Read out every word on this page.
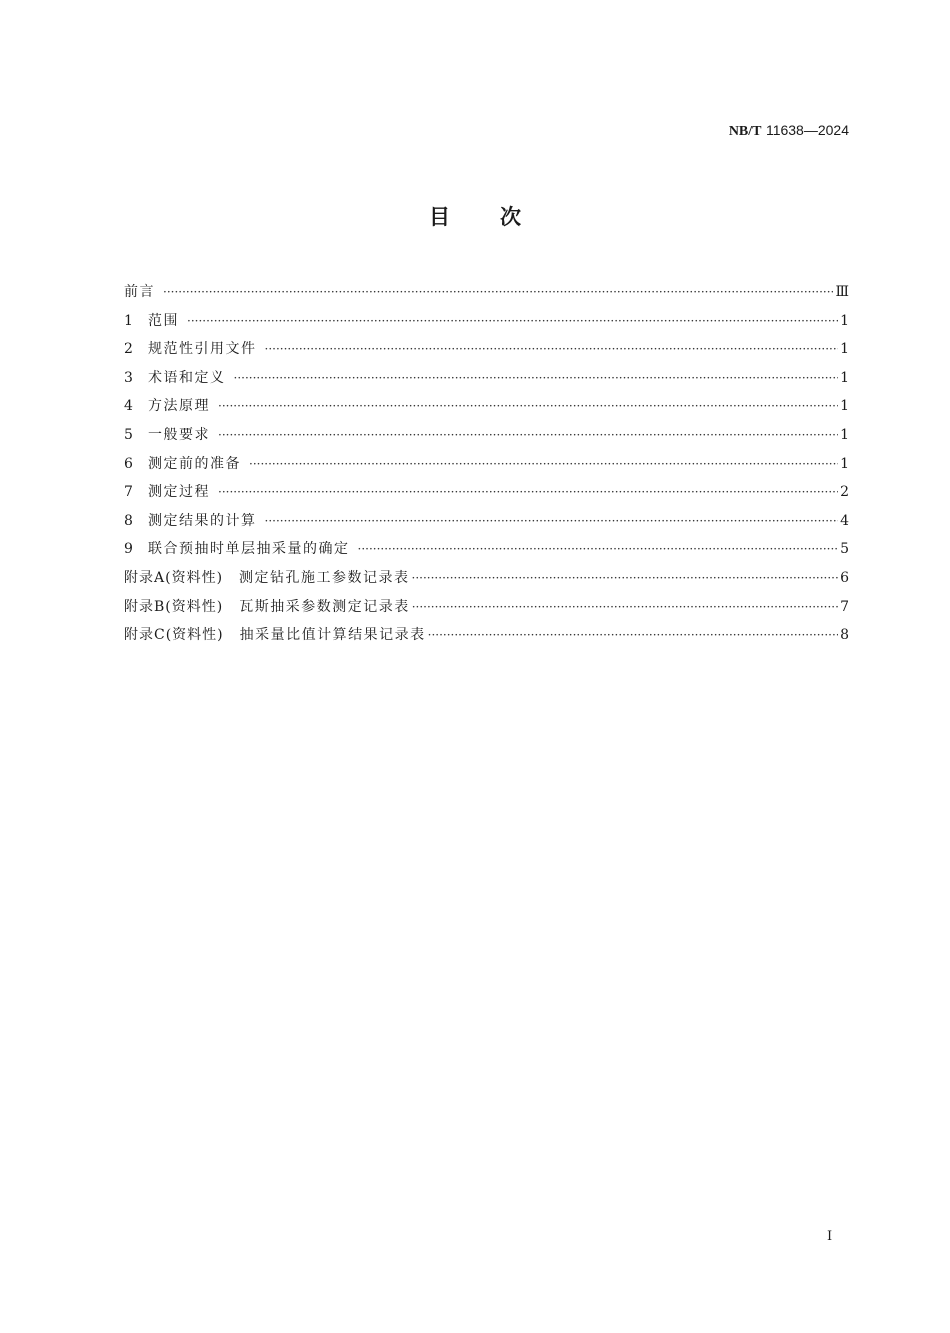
NB/T 11638—2024
目 次
前言 ·····	Ⅲ
1	范围 ·····	1
2	规范性引用文件 ·····	1
3	术语和定义 ·····	1
4	方法原理 ·····	1
5	一般要求 ·····	1
6	测定前的准备 ·····	1
7	测定过程 ·····	2
8	测定结果的计算 ·····	4
9	联合预抽时单层抽采量的确定 ·····	5
附录A(资料性) 测定钻孔施工参数记录表 ·····	6
附录B(资料性) 瓦斯抽采参数测定记录表 ·····	7
附录C(资料性) 抽采量比值计算结果记录表 ·····	8
I
